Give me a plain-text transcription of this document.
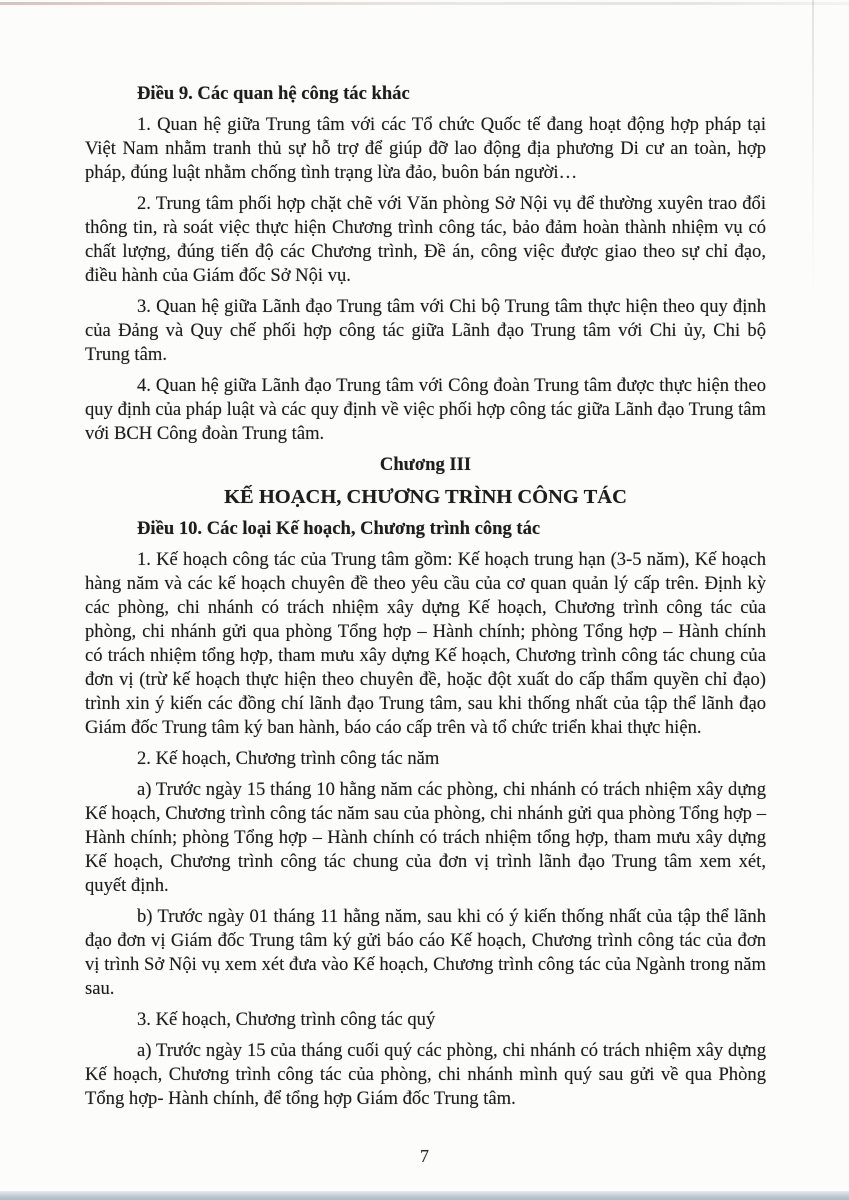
Điều 9. Các quan hệ công tác khác

1. Quan hệ giữa Trung tâm với các Tổ chức Quốc tế đang hoạt động hợp pháp tại Việt Nam nhằm tranh thủ sự hỗ trợ để giúp đỡ lao động địa phương Di cư an toàn, hợp pháp, đúng luật nhằm chống tình trạng lừa đảo, buôn bán người…

2. Trung tâm phối hợp chặt chẽ với Văn phòng Sở Nội vụ để thường xuyên trao đổi thông tin, rà soát việc thực hiện Chương trình công tác, bảo đảm hoàn thành nhiệm vụ có chất lượng, đúng tiến độ các Chương trình, Đề án, công việc được giao theo sự chỉ đạo, điều hành của Giám đốc Sở Nội vụ.

3. Quan hệ giữa Lãnh đạo Trung tâm với Chi bộ Trung tâm thực hiện theo quy định của Đảng và Quy chế phối hợp công tác giữa Lãnh đạo Trung tâm với Chi ủy, Chi bộ Trung tâm.

4. Quan hệ giữa Lãnh đạo Trung tâm với Công đoàn Trung tâm được thực hiện theo quy định của pháp luật và các quy định về việc phối hợp công tác giữa Lãnh đạo Trung tâm với BCH Công đoàn Trung tâm.

Chương III
KẾ HOẠCH, CHƯƠNG TRÌNH CÔNG TÁC
Điều 10. Các loại Kế hoạch, Chương trình công tác

1. Kế hoạch công tác của Trung tâm gồm: Kế hoạch trung hạn (3-5 năm), Kế hoạch hàng năm và các kế hoạch chuyên đề theo yêu cầu của cơ quan quản lý cấp trên. Định kỳ các phòng, chi nhánh có trách nhiệm xây dựng Kế hoạch, Chương trình công tác của phòng, chi nhánh gửi qua phòng Tổng hợp – Hành chính; phòng Tổng hợp – Hành chính có trách nhiệm tổng hợp, tham mưu xây dựng Kế hoạch, Chương trình công tác chung của đơn vị (trừ kế hoạch thực hiện theo chuyên đề, hoặc đột xuất do cấp thẩm quyền chỉ đạo) trình xin ý kiến các đồng chí lãnh đạo Trung tâm, sau khi thống nhất của tập thể lãnh đạo Giám đốc Trung tâm ký ban hành, báo cáo cấp trên và tổ chức triển khai thực hiện.

2. Kế hoạch, Chương trình công tác năm

a) Trước ngày 15 tháng 10 hằng năm các phòng, chi nhánh có trách nhiệm xây dựng Kế hoạch, Chương trình công tác năm sau của phòng, chi nhánh gửi qua phòng Tổng hợp – Hành chính; phòng Tổng hợp – Hành chính có trách nhiệm tổng hợp, tham mưu xây dựng Kế hoạch, Chương trình công tác chung của đơn vị trình lãnh đạo Trung tâm xem xét, quyết định.

b) Trước ngày 01 tháng 11 hằng năm, sau khi có ý kiến thống nhất của tập thể lãnh đạo đơn vị Giám đốc Trung tâm ký gửi báo cáo Kế hoạch, Chương trình công tác của đơn vị trình Sở Nội vụ xem xét đưa vào Kế hoạch, Chương trình công tác của Ngành trong năm sau.

3. Kế hoạch, Chương trình công tác quý

a) Trước ngày 15 của tháng cuối quý các phòng, chi nhánh có trách nhiệm xây dựng Kế hoạch, Chương trình công tác của phòng, chi nhánh mình quý sau gửi về qua Phòng Tổng hợp- Hành chính, để tổng hợp Giám đốc Trung tâm.

7
